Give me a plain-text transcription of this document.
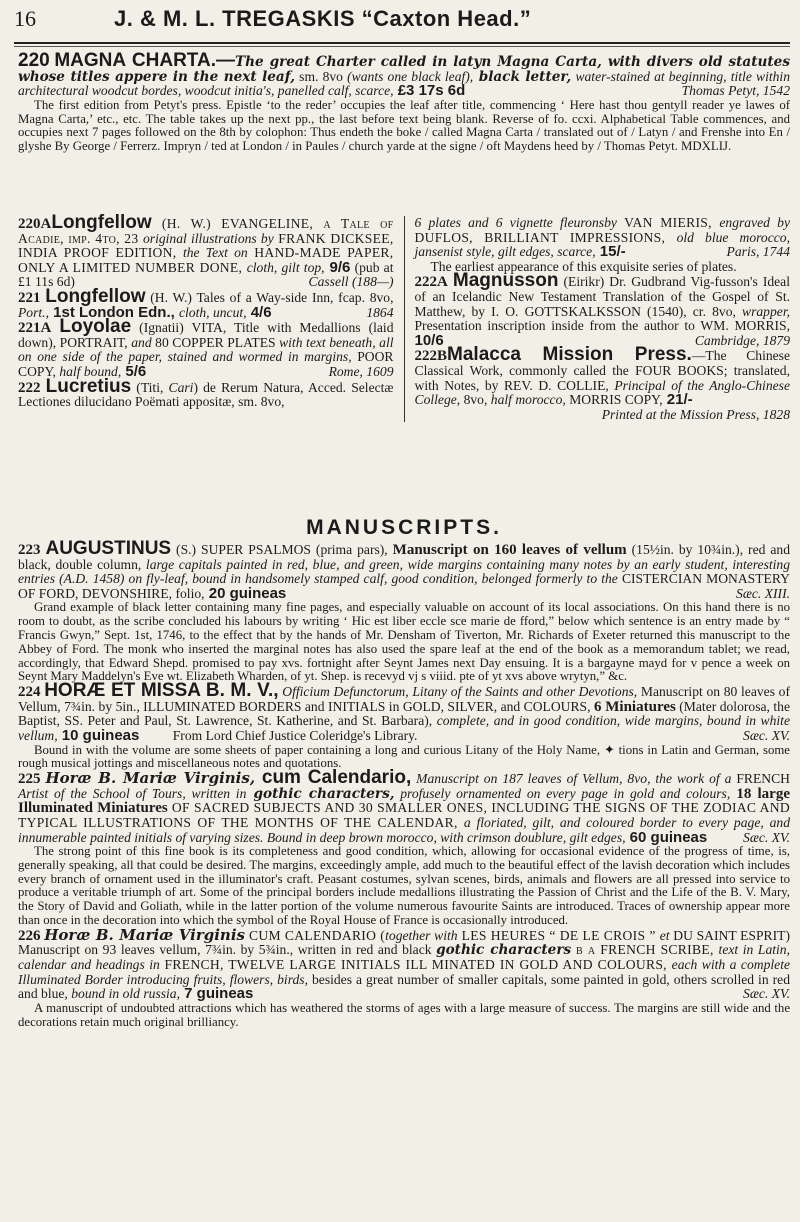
16	J. & M. L. TREGASKIS “Caxton Head.”

220 MAGNA CHARTA.—The great Charter called in latyn Magna Carta, with divers old statutes whose titles appere in the next leaf, sm. 8vo (wants one black leaf), black letter, water-stained at beginning, title within architectural woodcut bordes, woodcut initia's, panelled calf, scarce, £3 17s 6d	Thomas Petyt, 1542

The first edition from Petyt's press. Epistle ‘to the reder’ occupies the leaf after title, commencing ‘ Here hast thou gentyll reader ye lawes of Magna Carta,’ etc., etc. The table takes up the next pp., the last before text being blank. Reverse of fo. ccxi. Alphabetical Table commences, and occupies next 7 pages followed on the 8th by colophon: Thus endeth the boke / called Magna Carta / translated out of / Latyn / and Frenshe into En / glyshe By George / Ferrerz. Impryn / ted at London / in Paules / church yarde at the signe / oft Maydens heed by / Thomas Petyt. MDXLIJ.

220ALongfellow (H. W.) EVANGELINE, a Tale of Acadie, imp. 4to, 23 original illustrations by FRANK DICKSEE, INDIA PROOF EDITION, the Text on HAND-MADE PAPER, ONLY A LIMITED NUMBER DONE, cloth, gilt top, 9/6 (pub at £1 11s 6d)	Cassell (188—)

221 Longfellow (H. W.) Tales of a Way-side Inn, fcap. 8vo, Port., 1st London Edn., cloth, uncut, 4/6	1864

221A Loyolae (Ignatii) VITA, Title with Medallions (laid down), PORTRAIT, and 80 COPPER PLATES with text beneath, all on one side of the paper, stained and wormed in margins, POOR COPY, half bound, 5/6	Rome, 1609

222 Lucretius (Titi, Cari) de Rerum Natura, Acced. Selectæ Lectiones dilucidano Poëmati appositæ, sm. 8vo,

6 plates and 6 vignette fleuronsby VAN MIERIS, engraved by DUFLOS, BRILLIANT IMPRESSIONS, old blue morocco, jansenist style, gilt edges, scarce, 15/-	Paris, 1744

The earliest appearance of this exquisite series of plates.

222A Magnusson (Eirikr) Dr. Gudbrand Vig-fusson's Ideal of an Icelandic New Testament Translation of the Gospel of St. Matthew, by I. O. GOTTSKALKSSON (1540), cr. 8vo, wrapper, Presentation inscription inside from the author to WM. MORRIS, 10/6	Cambridge, 1879

222BMalacca Mission Press.—The Chinese Classical Work, commonly called the FOUR BOOKS; translated, with Notes, by REV. D. COLLIE, Principal of the Anglo-Chinese College, 8vo, half morocco, MORRIS COPY, 21/-
Printed at the Mission Press, 1828

MANUSCRIPTS.

223 AUGUSTINUS (S.) SUPER PSALMOS (prima pars), Manuscript on 160 leaves of vellum (15½in. by 10¾in.), red and black, double column, large capitals painted in red, blue, and green, wide margins containing many notes by an early student, interesting entries (A.D. 1458) on fly-leaf, bound in handsomely stamped calf, good condition, belonged formerly to the CISTERCIAN MONASTERY OF FORD, DEVONSHIRE, folio, 20 guineas	Sæc. XIII.

Grand example of black letter containing many fine pages, and especially valuable on account of its local associations. On this hand there is no room to doubt, as the scribe concluded his labours by writing ‘ Hic est liber eccle sce marie de fford,” below which sentence is an entry made by “ Francis Gwyn,” Sept. 1st, 1746, to the effect that by the hands of Mr. Densham of Tiverton, Mr. Richards of Exeter returned this manuscript to the Abbey of Ford. The monk who inserted the marginal notes has also used the spare leaf at the end of the book as a memorandum tablet; we read, accordingly, that Edward Shepd. promised to pay xvs. fortnight after Seynt James next Day ensuing. It is a bargayne mayd for v pence a week on Seynt Mary Maddelyn's Eve wt. Elizabeth Wharden, of yt. Shep. is recevyd vj s viiid. pte of yt xvs above wrytyn,” &c.

224 HORÆ ET MISSA B. M. V., Officium Defunctorum, Litany of the Saints and other Devotions, Manuscript on 80 leaves of Vellum, 7¾in. by 5in., ILLUMINATED BORDERS and INITIALS in GOLD, SILVER, and COLOURS, 6 Miniatures (Mater dolorosa, the Baptist, SS. Peter and Paul, St. Lawrence, St. Katherine, and St. Barbara), complete, and in good condition, wide margins, bound in white vellum, 10 guineas From Lord Chief Justice Coleridge's Library.	Sæc. XV.

Bound in with the volume are some sheets of paper containing a long and curious Litany of the Holy Name, ✦ tions in Latin and German, some rough musical jottings and miscellaneous notes and quotations.

225 Horæ B. Mariæ Virginis, cum Calendario, Manuscript on 187 leaves of Vellum, 8vo, the work of a FRENCH Artist of the School of Tours, written in gothic characters, profusely ornamented on every page in gold and colours, 18 large Illuminated Miniatures OF SACRED SUBJECTS AND 30 SMALLER ONES, INCLUDING THE SIGNS OF THE ZODIAC AND TYPICAL ILLUSTRATIONS OF THE MONTHS OF THE CALENDAR, a floriated, gilt, and coloured border to every page, and innumerable painted initials of varying sizes. Bound in deep brown morocco, with crimson doublure, gilt edges, 60 guineas	Sæc. XV.

The strong point of this fine book is its completeness and good condition, which, allowing for occasional evidence of the progress of time, is, generally speaking, all that could be desired. The margins, exceedingly ample, add much to the beautiful effect of the lavish decoration which includes every branch of ornament used in the illuminator's craft. Peasant costumes, sylvan scenes, birds, animals and flowers are all pressed into service to produce a veritable triumph of art. Some of the principal borders include medallions illustrating the Passion of Christ and the Life of the B. V. Mary, the Story of David and Goliath, while in the latter portion of the volume numerous favourite Saints are introduced. Traces of ownership appear more than once in the decoration into which the symbol of the Royal House of France is occasionally introduced.

226 Horæ B. Mariæ Virginis CUM CALENDARIO (together with LES HEURES “ DE LE CROIS ” et DU SAINT ESPRIT) Manuscript on 93 leaves vellum, 7¾in. by 5¾in., written in red and black gothic characters b a FRENCH SCRIBE, text in Latin, calendar and headings in FRENCH, TWELVE LARGE INITIALS ILL MINATED IN GOLD AND COLOURS, each with a complete Illuminated Border introducing fruits, flowers, birds, besides a great number of smaller capitals, some painted in gold, others scrolled in red and blue, bound in old russia, 7 guineas	Sæc. XV.

A manuscript of undoubted attractions which has weathered the storms of ages with a large measure of success. The margins are still wide and the decorations retain much original brilliancy.
